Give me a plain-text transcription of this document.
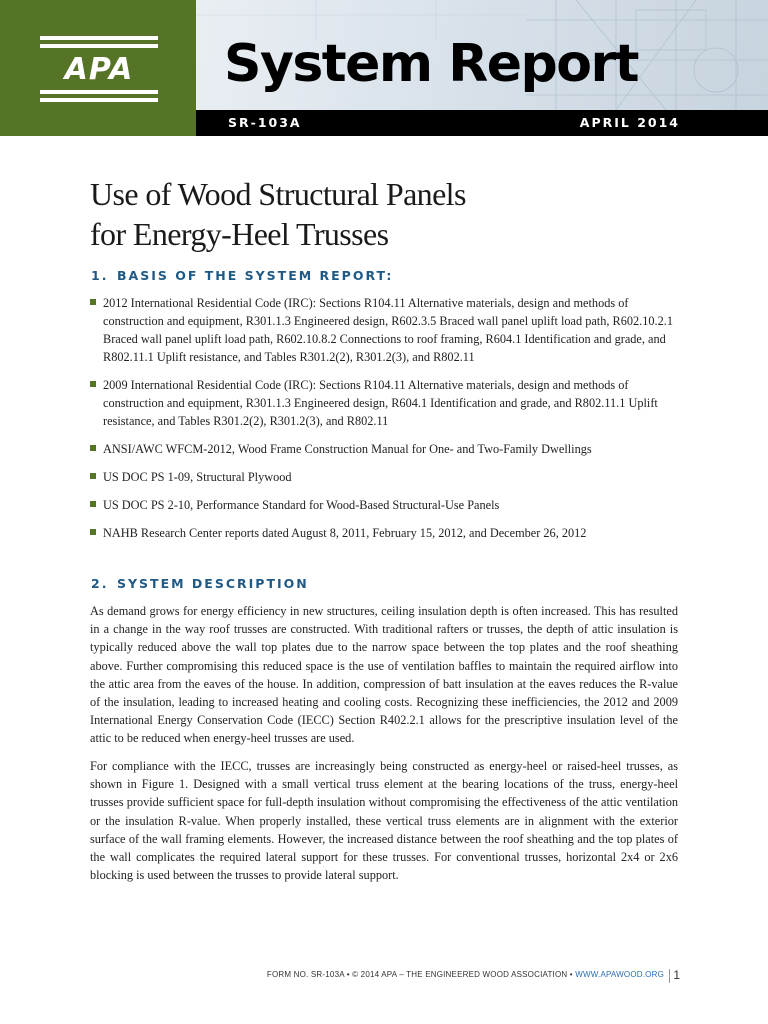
APA	System Report
SR-103A	APRIL 2014
Use of Wood Structural Panels
for Energy-Heel Trusses
1. BASIS OF THE SYSTEM REPORT:
2012 International Residential Code (IRC): Sections R104.11 Alternative materials, design and methods of construction and equipment, R301.1.3 Engineered design, R602.3.5 Braced wall panel uplift load path, R602.10.2.1 Braced wall panel uplift load path, R602.10.8.2 Connections to roof framing, R604.1 Identification and grade, and R802.11.1 Uplift resistance, and Tables R301.2(2), R301.2(3), and R802.11
2009 International Residential Code (IRC): Sections R104.11 Alternative materials, design and methods of construction and equipment, R301.1.3 Engineered design, R604.1 Identification and grade, and R802.11.1 Uplift resistance, and Tables R301.2(2), R301.2(3), and R802.11
ANSI/AWC WFCM-2012, Wood Frame Construction Manual for One- and Two-Family Dwellings
US DOC PS 1-09, Structural Plywood
US DOC PS 2-10, Performance Standard for Wood-Based Structural-Use Panels
NAHB Research Center reports dated August 8, 2011, February 15, 2012, and December 26, 2012
2. SYSTEM DESCRIPTION

As demand grows for energy efficiency in new structures, ceiling insulation depth is often increased. This has resulted in a change in the way roof trusses are constructed. With traditional rafters or trusses, the depth of attic insulation is typically reduced above the wall top plates due to the narrow space between the top plates and the roof sheathing above. Further compromising this reduced space is the use of ventilation baffles to maintain the required airflow into the attic area from the eaves of the house. In addition, compression of batt insulation at the eaves reduces the R-value of the insulation, leading to increased heating and cooling costs. Recognizing these inefficiencies, the 2012 and 2009 International Energy Conservation Code (IECC) Section R402.2.1 allows for the prescriptive insulation level of the attic to be reduced when energy-heel trusses are used.

For compliance with the IECC, trusses are increasingly being constructed as energy-heel or raised-heel trusses, as shown in Figure 1. Designed with a small vertical truss element at the bearing locations of the truss, energy-heel trusses provide sufficient space for full-depth insulation without compromising the effectiveness of the attic ventilation or the insulation R-value. When properly installed, these vertical truss elements are in alignment with the exterior surface of the wall framing elements. However, the increased distance between the roof sheathing and the top plates of the wall complicates the required lateral support for these trusses. For conventional trusses, horizontal 2x4 or 2x6 blocking is used between the trusses to provide lateral support.

FORM NO. SR-103A • © 2014 APA – THE ENGINEERED WOOD ASSOCIATION • WWW.APAWOOD.ORG 1
